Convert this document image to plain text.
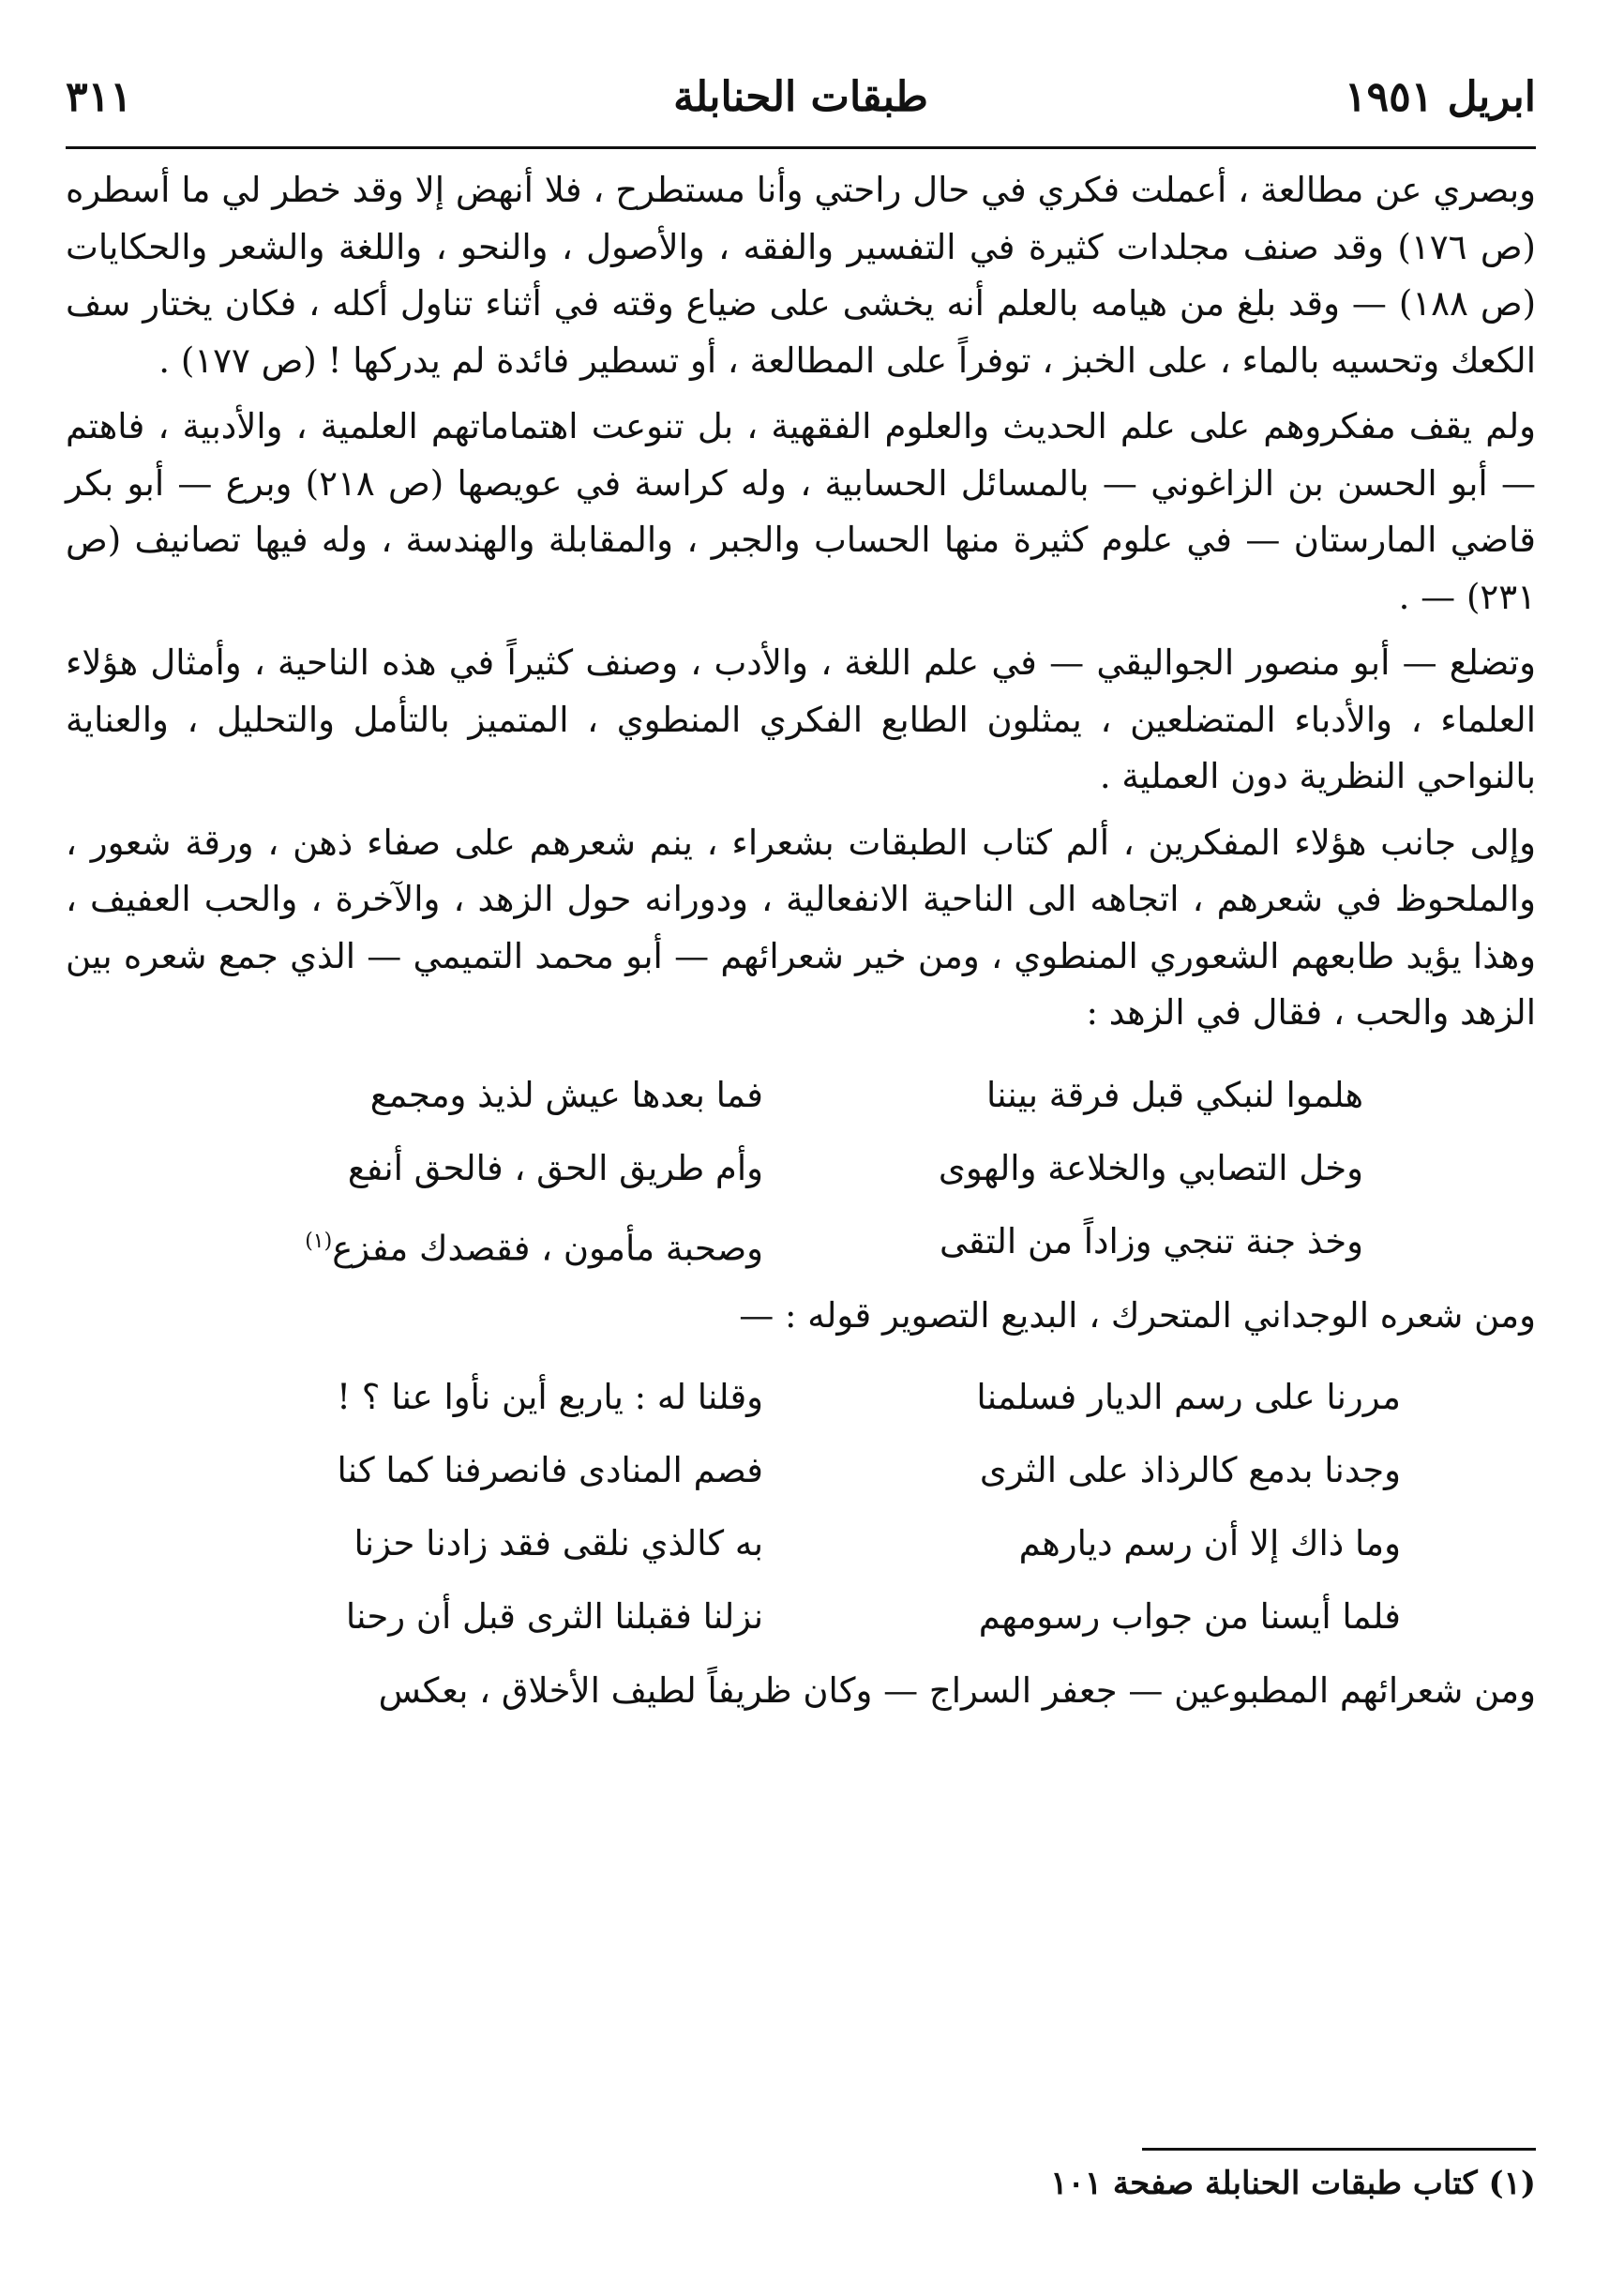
ابريل ١٩٥١
طبقات الحنابلة
٣١١

وبصري عن مطالعة ، أعملت فكري في حال راحتي وأنا مستطرح ، فلا أنهض إلا وقد خطر لي ما أسطره (ص ١٧٦) وقد صنف مجلدات كثيرة في التفسير والفقه ، والأصول ، والنحو ، واللغة والشعر والحكايات (ص ١٨٨) — وقد بلغ من هيامه بالعلم أنه يخشى على ضياع وقته في أثناء تناول أكله ، فكان يختار سف الكعك وتحسيه بالماء ، على الخبز ، توفراً على المطالعة ، أو تسطير فائدة لم يدركها ! (ص ١٧٧) .

ولم يقف مفكروهم على علم الحديث والعلوم الفقهية ، بل تنوعت اهتماماتهم العلمية ، والأدبية ، فاهتم — أبو الحسن بن الزاغوني — بالمسائل الحسابية ، وله كراسة في عويصها (ص ٢١٨) وبرع — أبو بكر قاضي المارستان — في علوم كثيرة منها الحساب والجبر ، والمقابلة والهندسة ، وله فيها تصانيف (ص ٢٣١) — .

وتضلع — أبو منصور الجواليقي — في علم اللغة ، والأدب ، وصنف كثيراً في هذه الناحية ، وأمثال هؤلاء العلماء ، والأدباء المتضلعين ، يمثلون الطابع الفكري المنطوي ، المتميز بالتأمل والتحليل ، والعناية بالنواحي النظرية دون العملية .

وإلى جانب هؤلاء المفكرين ، ألم كتاب الطبقات بشعراء ، ينم شعرهم على صفاء ذهن ، ورقة شعور ، والملحوظ في شعرهم ، اتجاهه الى الناحية الانفعالية ، ودورانه حول الزهد ، والآخرة ، والحب العفيف ، وهذا يؤيد طابعهم الشعوري المنطوي ، ومن خير شعرائهم — أبو محمد التميمي — الذي جمع شعره بين الزهد والحب ، فقال في الزهد :

هلموا لنبكي قبل فرقة بيننا
فما بعدها عيش لذيذ ومجمع
وخل التصابي والخلاعة والهوى
وأم طريق الحق ، فالحق أنفع
وخذ جنة تنجي وزاداً من التقى
وصحبة مأمون ، فقصدك مفزع$^{(١)}$

ومن شعره الوجداني المتحرك ، البديع التصوير قوله : —

مررنا على رسم الديار فسلمنا
وقلنا له : ياربع أين نأوا عنا ؟ !
وجدنا بدمع كالرذاذ على الثرى
فصم المنادى فانصرفنا كما كنا
وما ذاك إلا أن رسم ديارهم
به كالذي نلقى فقد زادنا حزنا
فلما أيسنا من جواب رسومهم
نزلنا فقبلنا الثرى قبل أن رحنا

ومن شعرائهم المطبوعين — جعفر السراج — وكان ظريفاً لطيف الأخلاق ، بعكس

(١) كتاب طبقات الحنابلة صفحة ١٠١
